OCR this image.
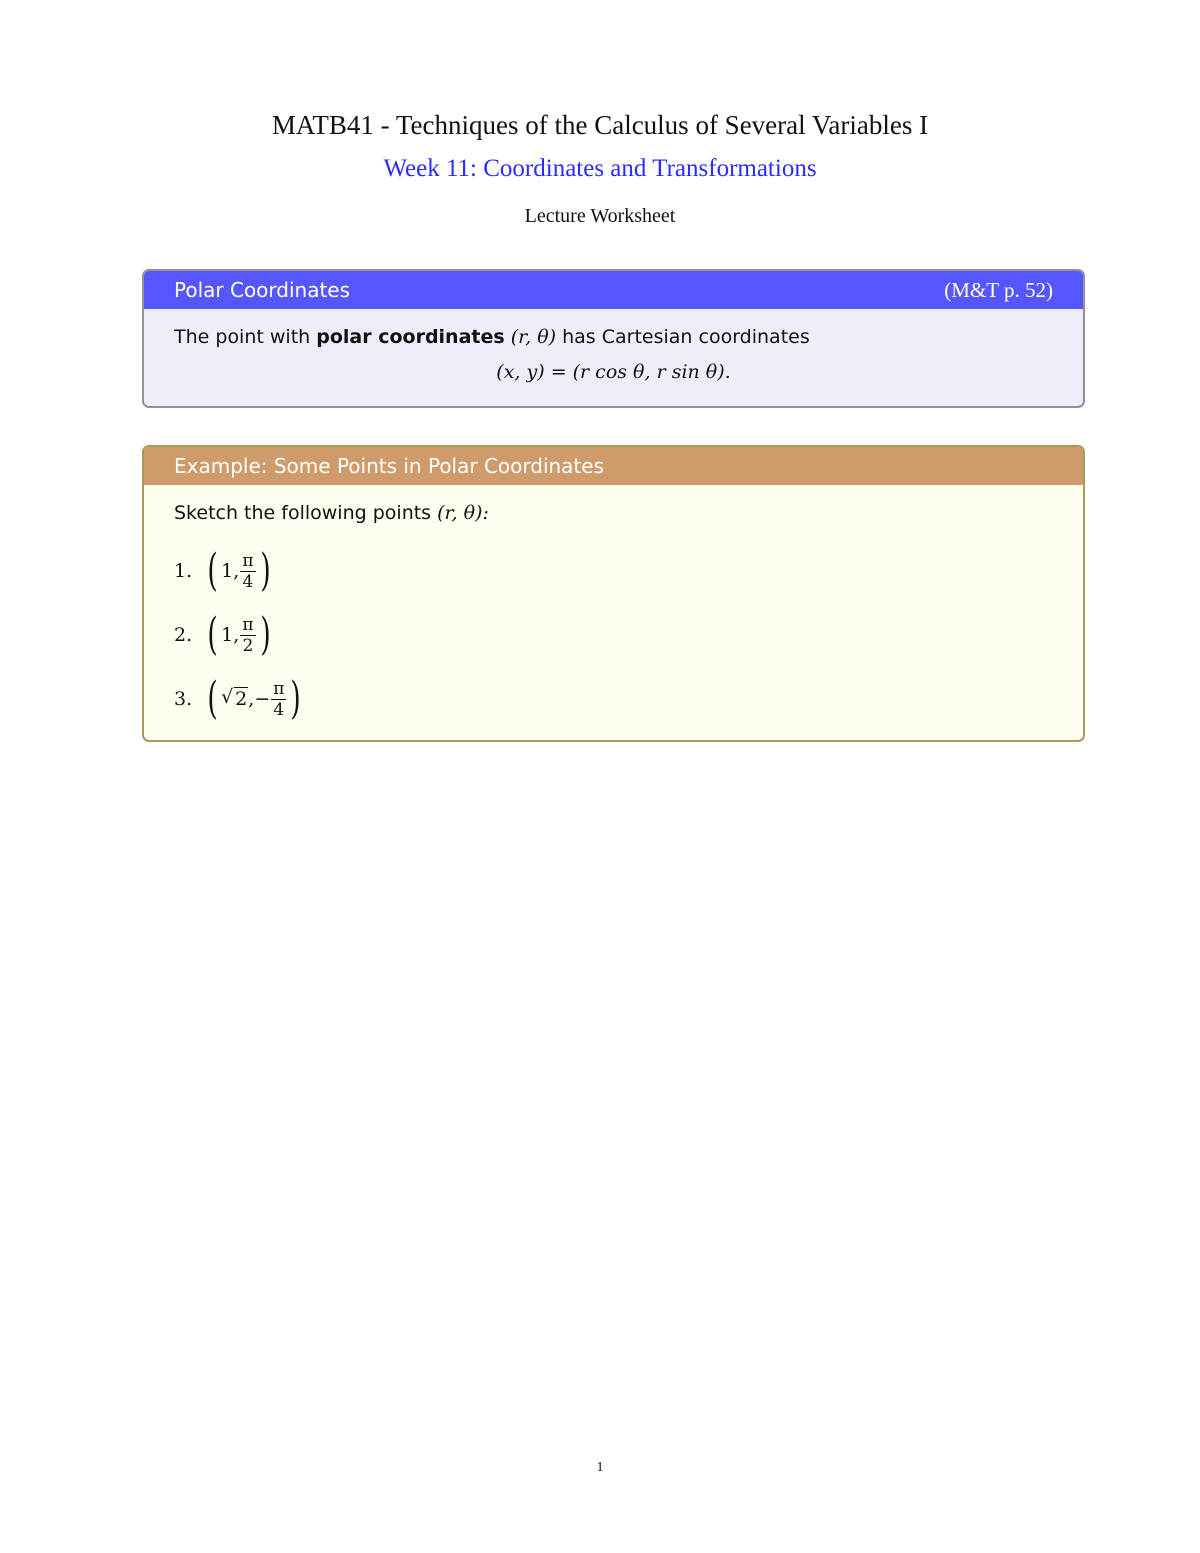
MATB41 - Techniques of the Calculus of Several Variables I
Week 11: Coordinates and Transformations
Lecture Worksheet
Polar Coordinates	(M&T p. 52)
The point with polar coordinates (r, θ) has Cartesian coordinates
(x, y) = (r cos θ, r sin θ).
Example: Some Points in Polar Coordinates
Sketch the following points (r, θ):
1. ( 1, $\frac{\pi}{4}$ )
2. ( 1, $\frac{\pi}{2}$ )
3. ( √ 2 , − $\frac{\pi}{4}$ )
1
